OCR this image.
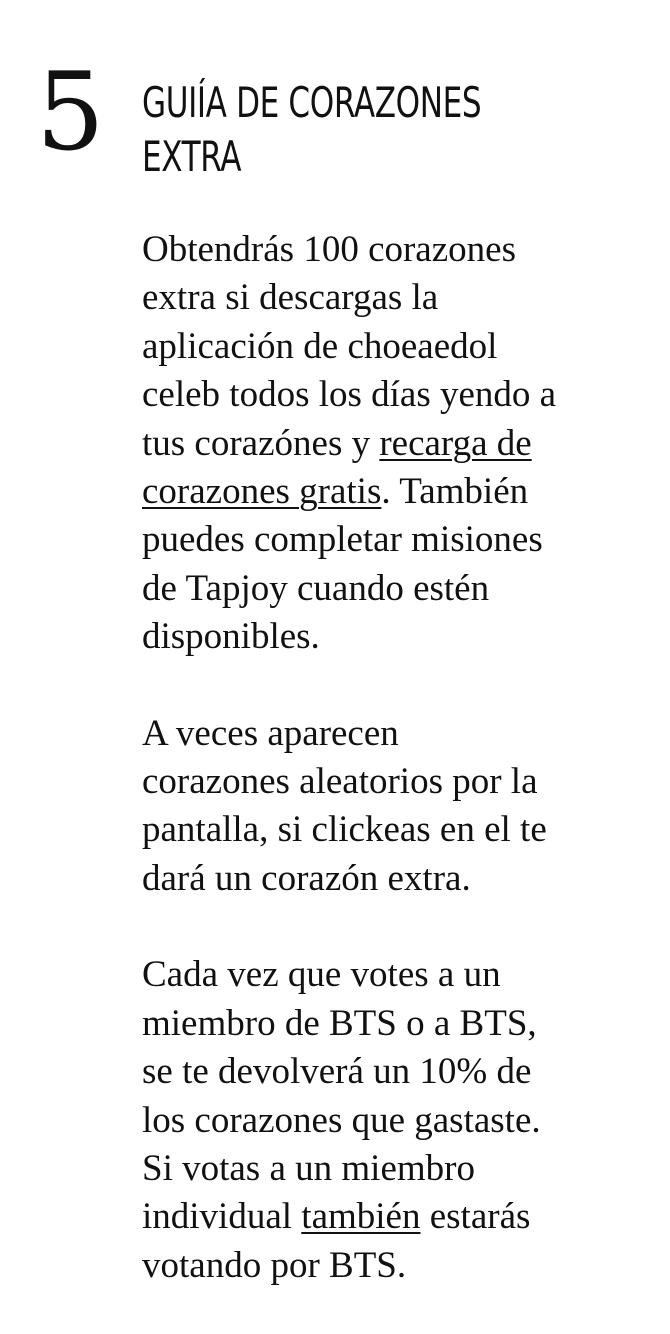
5 GUIÍA DE CORAZONES
EXTRA

Obtendrás 100 corazones
extra si descargas la
aplicación de choeaedol
celeb todos los días yendo a
tus corazónes y recarga de
corazones gratis. También
puedes completar misiones
de Tapjoy cuando estén
disponibles.

A veces aparecen
corazones aleatorios por la
pantalla, si clickeas en el te
dará un corazón extra.

Cada vez que votes a un
miembro de BTS o a BTS,
se te devolverá un 10% de
los corazones que gastaste.
Si votas a un miembro
individual también estarás
votando por BTS.
